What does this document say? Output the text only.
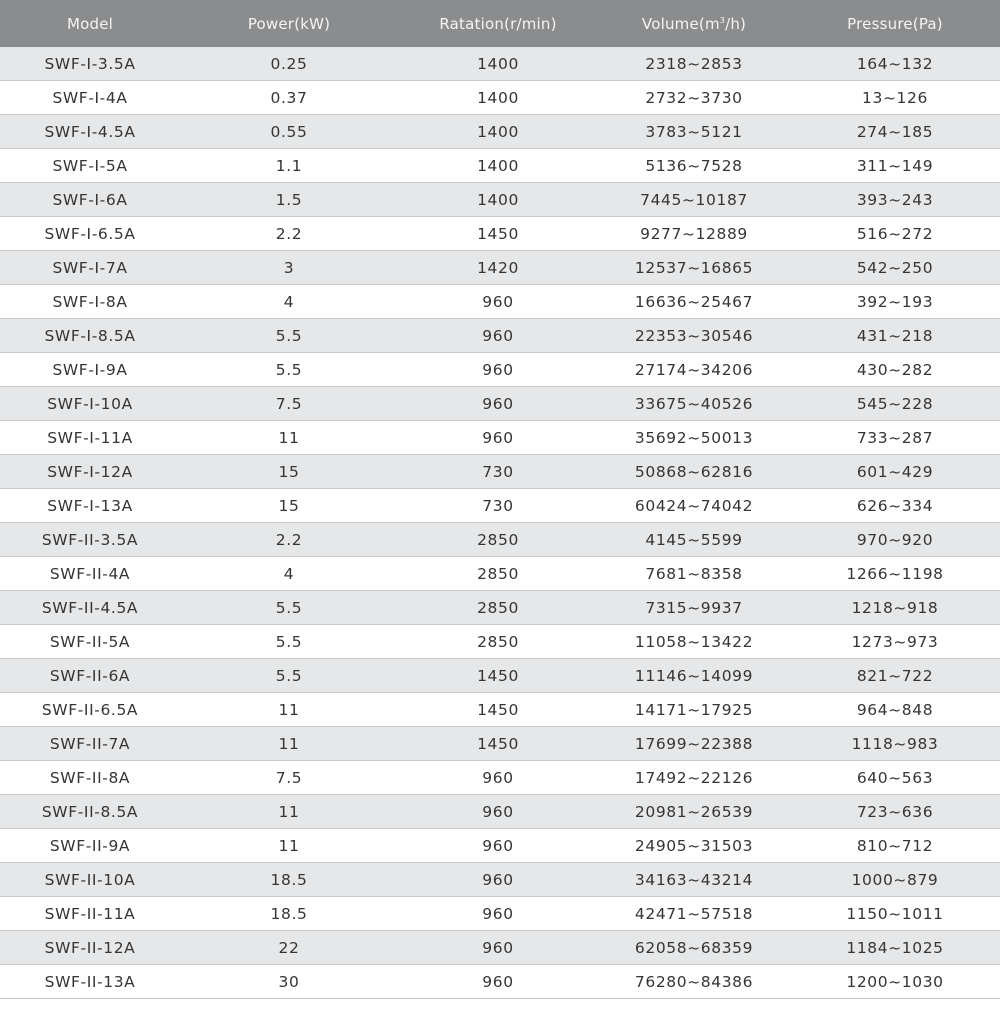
Model	Power(kW)	Ratation(r/min)	$Volume(m^3/h)$	Pressure(Pa)
SWF-I-3.5A	0.25	1400	2318~2853	164~132
SWF-I-4A	0.37	1400	2732~3730	13~126
SWF-I-4.5A	0.55	1400	3783~5121	274~185
SWF-I-5A	1.1	1400	5136~7528	311~149
SWF-I-6A	1.5	1400	7445~10187	393~243
SWF-I-6.5A	2.2	1450	9277~12889	516~272
SWF-I-7A	3	1420	12537~16865	542~250
SWF-I-8A	4	960	16636~25467	392~193
SWF-I-8.5A	5.5	960	22353~30546	431~218
SWF-I-9A	5.5	960	27174~34206	430~282
SWF-I-10A	7.5	960	33675~40526	545~228
SWF-I-11A	11	960	35692~50013	733~287
SWF-I-12A	15	730	50868~62816	601~429
SWF-I-13A	15	730	60424~74042	626~334
SWF-II-3.5A	2.2	2850	4145~5599	970~920
SWF-II-4A	4	2850	7681~8358	1266~1198
SWF-II-4.5A	5.5	2850	7315~9937	1218~918
SWF-II-5A	5.5	2850	11058~13422	1273~973
SWF-II-6A	5.5	1450	11146~14099	821~722
SWF-II-6.5A	11	1450	14171~17925	964~848
SWF-II-7A	11	1450	17699~22388	1118~983
SWF-II-8A	7.5	960	17492~22126	640~563
SWF-II-8.5A	11	960	20981~26539	723~636
SWF-II-9A	11	960	24905~31503	810~712
SWF-II-10A	18.5	960	34163~43214	1000~879
SWF-II-11A	18.5	960	42471~57518	1150~1011
SWF-II-12A	22	960	62058~68359	1184~1025
SWF-II-13A	30	960	76280~84386	1200~1030
